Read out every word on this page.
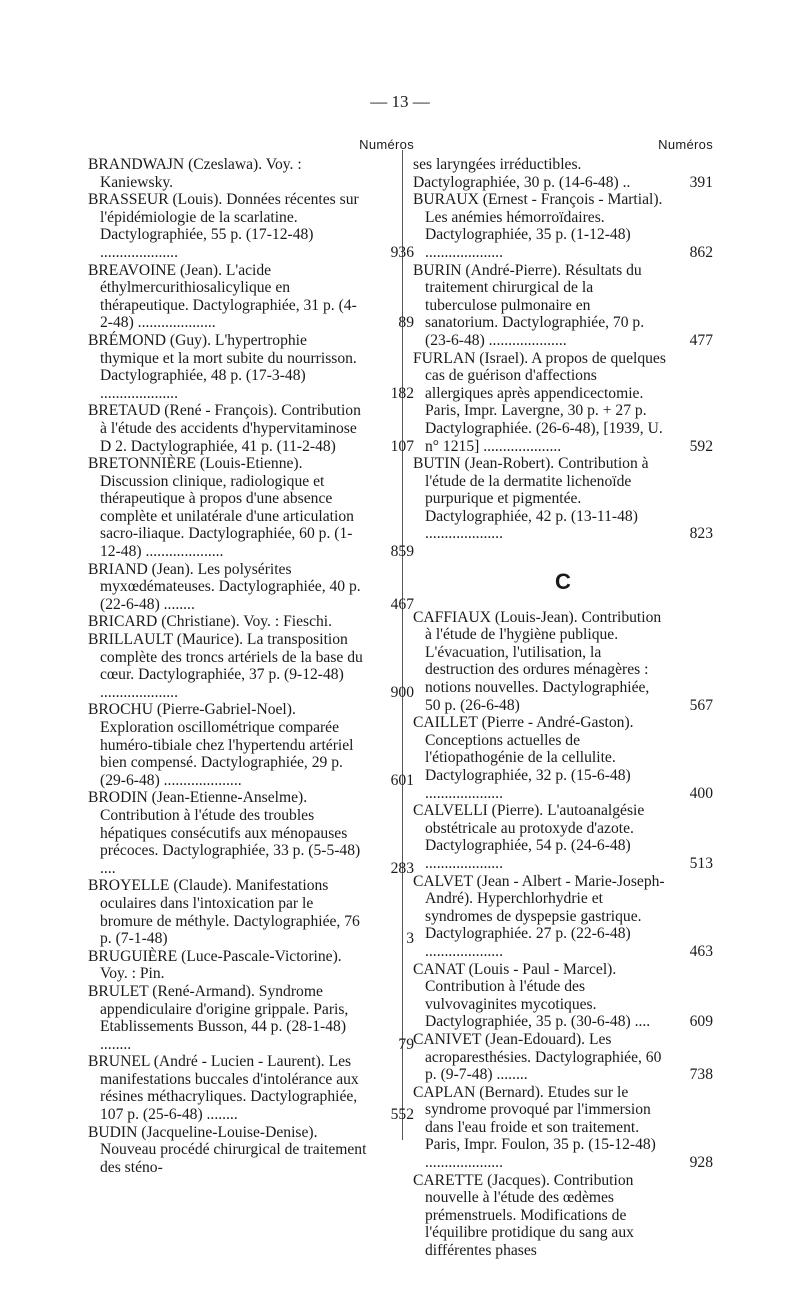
— 13 —
Numéros
BRANDWAJN (Czeslawa). Voy. : Kaniewsky.
BRASSEUR (Louis). Données récentes sur l'épidémiologie de la scarlatine. Dactylographiée, 55 p. (17-12-48) ....................	936
BREAVOINE (Jean). L'acide éthylmercurithiosalicylique en thérapeutique. Dactylographiée, 31 p. (4-2-48) ....................	89
BRÉMOND (Guy). L'hypertrophie thymique et la mort subite du nourrisson. Dactylographiée, 48 p. (17-3-48) ....................	182
BRETAUD (René - François). Contribution à l'étude des accidents d'hypervitaminose D 2. Dactylographiée, 41 p. (11-2-48)	107
BRETONNIÈRE (Louis-Etienne). Discussion clinique, radiologique et thérapeutique à propos d'une absence complète et unilatérale d'une articulation sacro-iliaque. Dactylographiée, 60 p. (1-12-48) ....................	859
BRIAND (Jean). Les polysérites myxœdémateuses. Dactylographiée, 40 p. (22-6-48) ........	467
BRICARD (Christiane). Voy. : Fieschi.
BRILLAULT (Maurice). La transposition complète des troncs artériels de la base du cœur. Dactylographiée, 37 p. (9-12-48) ....................	900
BROCHU (Pierre-Gabriel-Noel). Exploration oscillométrique comparée huméro-tibiale chez l'hypertendu artériel bien compensé. Dactylographiée, 29 p. (29-6-48) ....................	601
BRODIN (Jean-Etienne-Anselme). Contribution à l'étude des troubles hépatiques consécutifs aux ménopauses précoces. Dactylographiée, 33 p. (5-5-48) ....	283
BROYELLE (Claude). Manifestations oculaires dans l'intoxication par le bromure de méthyle. Dactylographiée, 76 p. (7-1-48)	3
BRUGUIÈRE (Luce-Pascale-Victorine). Voy. : Pin.
BRULET (René-Armand). Syndrome appendiculaire d'origine grippale. Paris, Etablissements Busson, 44 p. (28-1-48) ........	79
BRUNEL (André - Lucien - Laurent). Les manifestations buccales d'intolérance aux résines méthacryliques. Dactylographiée, 107 p. (25-6-48) ........	552
BUDIN (Jacqueline-Louise-Denise). Nouveau procédé chirurgical de traitement des sténo-
Numéros
ses laryngées irréductibles. Dactylographiée, 30 p. (14-6-48) ..	391
BURAUX (Ernest - François - Martial). Les anémies hémorroïdaires. Dactylographiée, 35 p. (1-12-48) ....................	862
BURIN (André-Pierre). Résultats du traitement chirurgical de la tuberculose pulmonaire en sanatorium. Dactylographiée, 70 p. (23-6-48) ....................	477
FURLAN (Israel). A propos de quelques cas de guérison d'affections allergiques après appendicectomie. Paris, Impr. Lavergne, 30 p. + 27 p. Dactylographiée. (26-6-48), [1939, U. n° 1215] ....................	592
BUTIN (Jean-Robert). Contribution à l'étude de la dermatite lichenoïde purpurique et pigmentée. Dactylographiée, 42 p. (13-11-48) ....................	823
C
CAFFIAUX (Louis-Jean). Contribution à l'étude de l'hygiène publique. L'évacuation, l'utilisation, la destruction des ordures ménagères : notions nouvelles. Dactylographiée, 50 p. (26-6-48)	567
CAILLET (Pierre - André-Gaston). Conceptions actuelles de l'étiopathogénie de la cellulite. Dactylographiée, 32 p. (15-6-48) ....................	400
CALVELLI (Pierre). L'autoanalgésie obstétricale au protoxyde d'azote. Dactylographiée, 54 p. (24-6-48) ....................	513
CALVET (Jean - Albert - Marie-Joseph-André). Hyperchlorhydrie et syndromes de dyspepsie gastrique. Dactylographiée. 27 p. (22-6-48) ....................	463
CANAT (Louis - Paul - Marcel). Contribution à l'étude des vulvovaginites mycotiques. Dactylographiée, 35 p. (30-6-48) ....	609
CANIVET (Jean-Edouard). Les acroparesthésies. Dactylographiée, 60 p. (9-7-48) ........	738
CAPLAN (Bernard). Etudes sur le syndrome provoqué par l'immersion dans l'eau froide et son traitement. Paris, Impr. Foulon, 35 p. (15-12-48) ....................	928
CARETTE (Jacques). Contribution nouvelle à l'étude des œdèmes prémenstruels. Modifications de l'équilibre protidique du sang aux différentes phases
